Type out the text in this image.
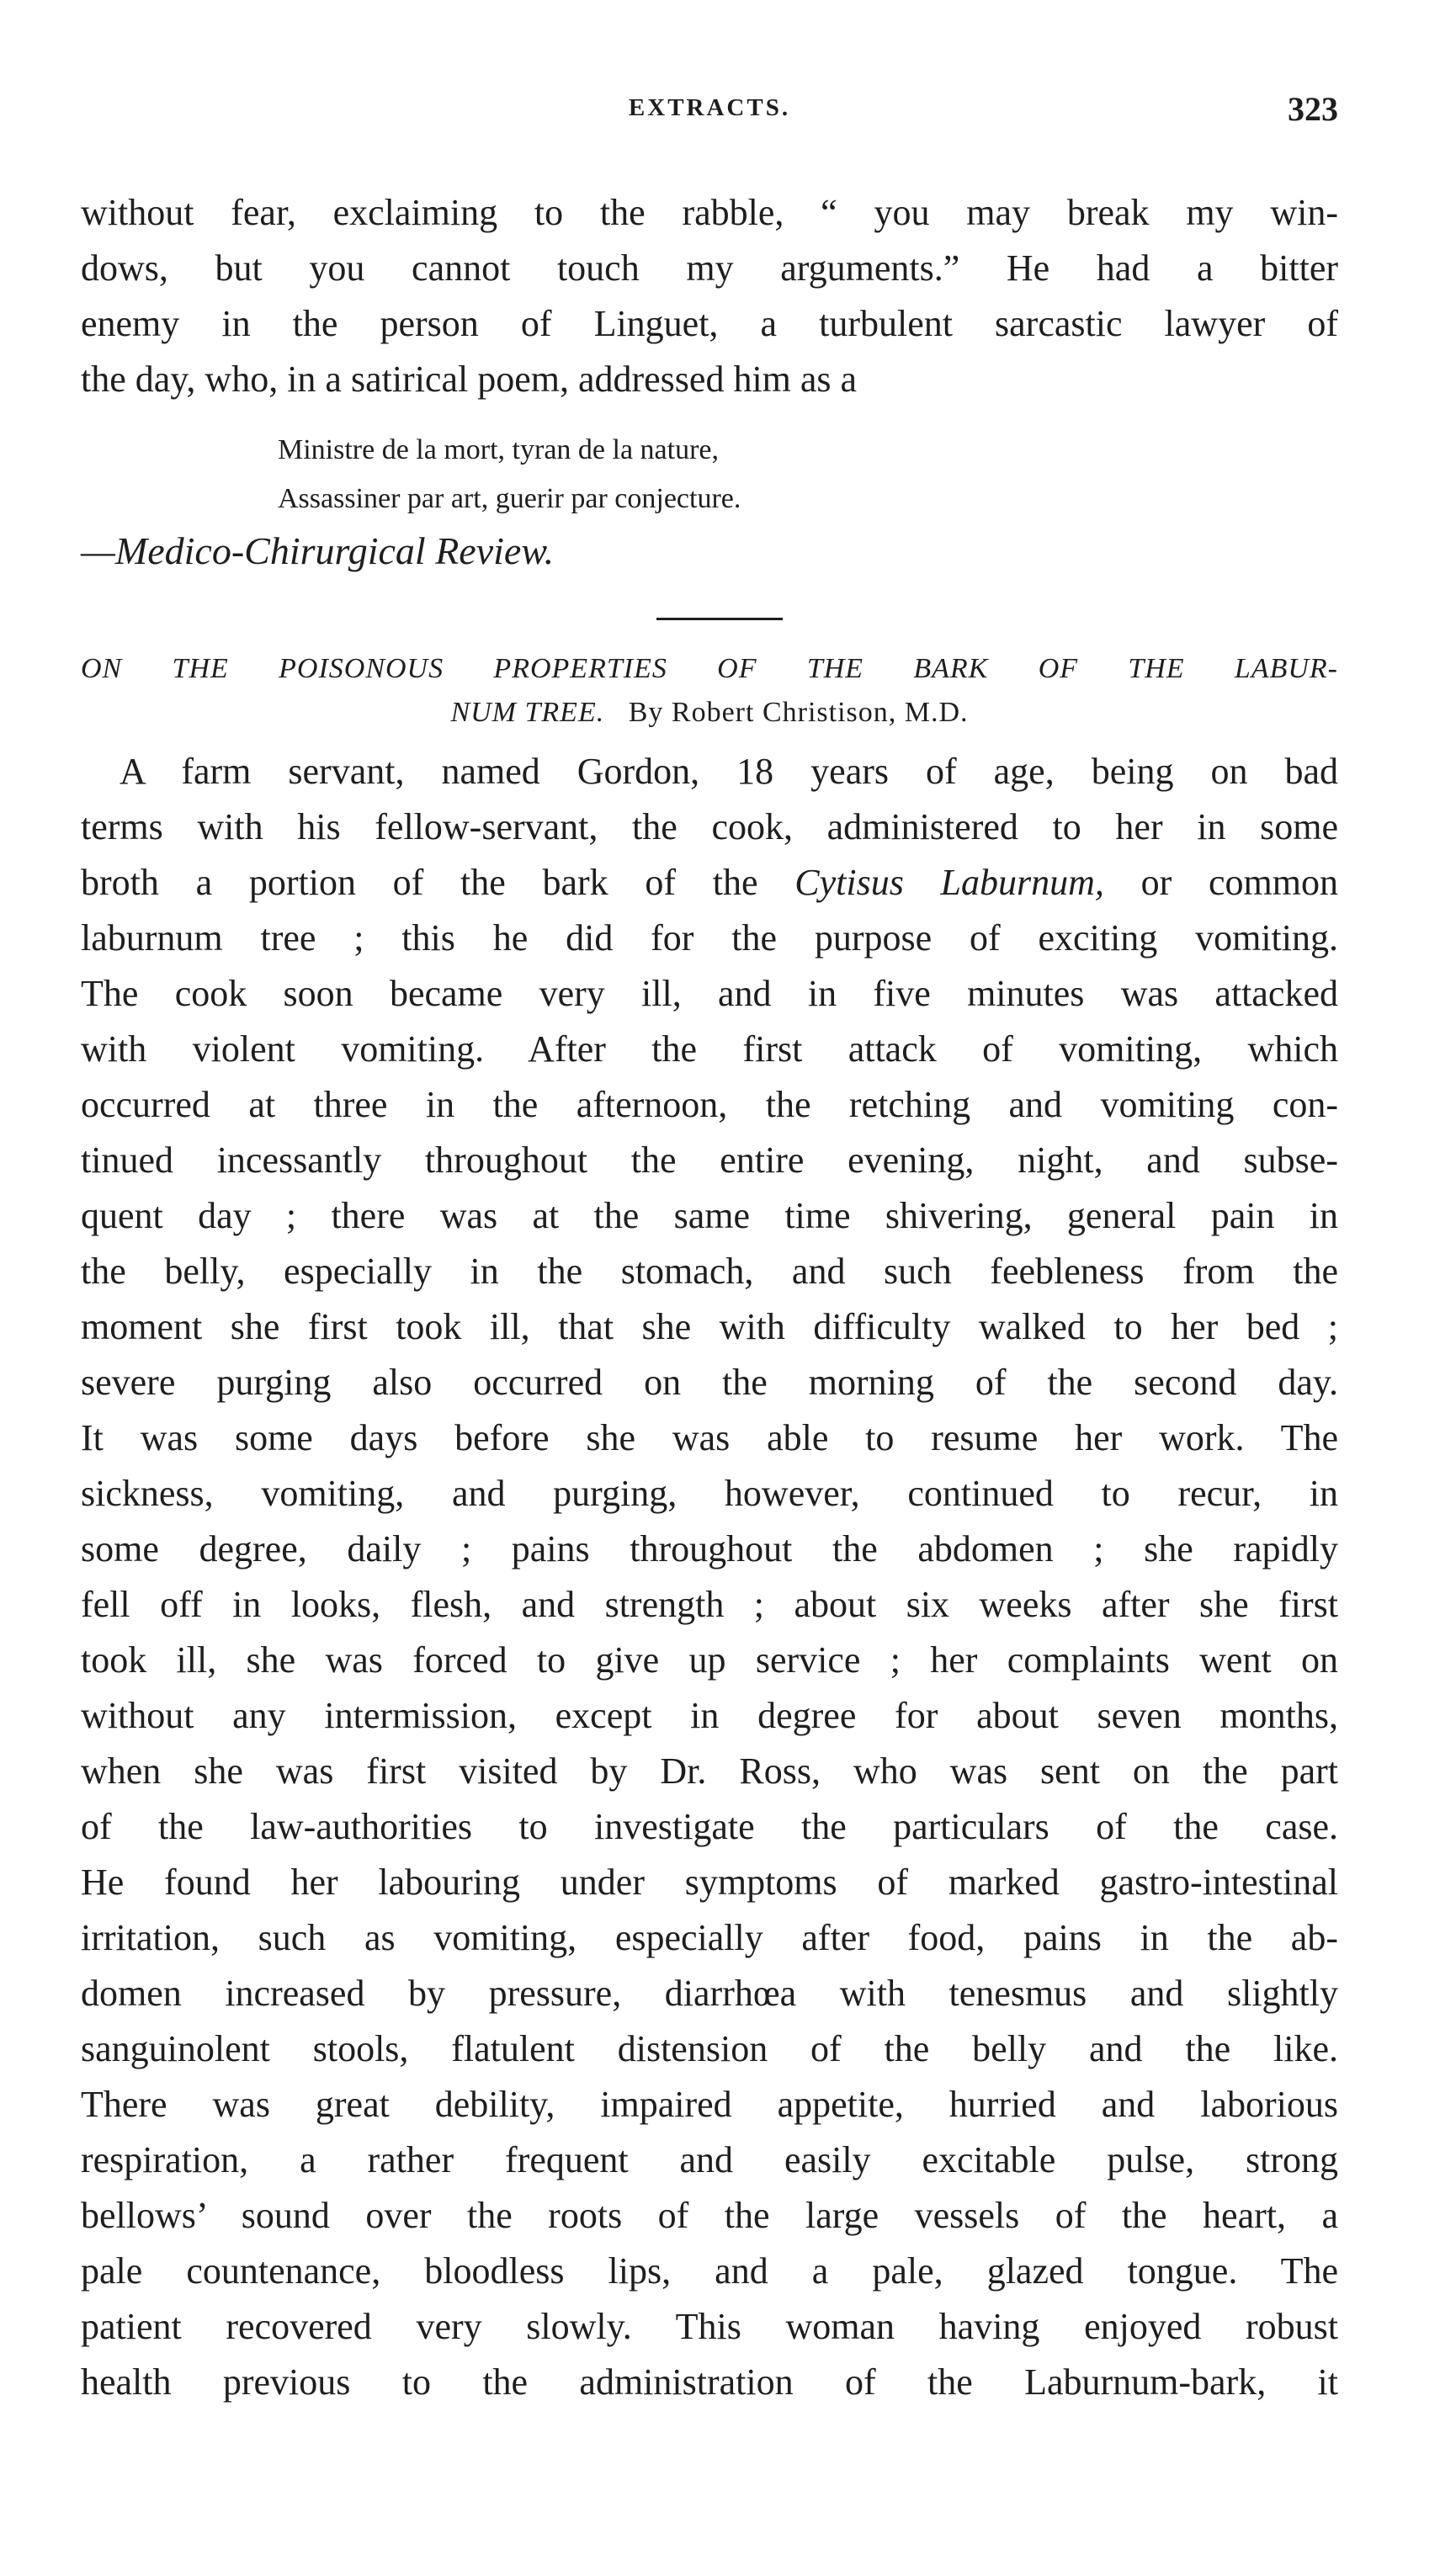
EXTRACTS.	323
without fear, exclaiming to the rabble, “ you may break my win-
dows, but you cannot touch my arguments.” He had a bitter
enemy in the person of Linguet, a turbulent sarcastic lawyer of
the day, who, in a satirical poem, addressed him as a
Ministre de la mort, tyran de la nature,
Assassiner par art, guerir par conjecture.
—Medico-Chirurgical Review.
ON THE POISONOUS PROPERTIES OF THE BARK OF THE LABUR-
NUM TREE. By Robert Christison, M.D.
A farm servant, named Gordon, 18 years of age, being on bad
terms with his fellow-servant, the cook, administered to her in some
broth a portion of the bark of the Cytisus Laburnum, or common
laburnum tree ; this he did for the purpose of exciting vomiting.
The cook soon became very ill, and in five minutes was attacked
with violent vomiting. After the first attack of vomiting, which
occurred at three in the afternoon, the retching and vomiting con-
tinued incessantly throughout the entire evening, night, and subse-
quent day ; there was at the same time shivering, general pain in
the belly, especially in the stomach, and such feebleness from the
moment she first took ill, that she with difficulty walked to her bed ;
severe purging also occurred on the morning of the second day.
It was some days before she was able to resume her work. The
sickness, vomiting, and purging, however, continued to recur, in
some degree, daily ; pains throughout the abdomen ; she rapidly
fell off in looks, flesh, and strength ; about six weeks after she first
took ill, she was forced to give up service ; her complaints went on
without any intermission, except in degree for about seven months,
when she was first visited by Dr. Ross, who was sent on the part
of the law-authorities to investigate the particulars of the case.
He found her labouring under symptoms of marked gastro-intestinal
irritation, such as vomiting, especially after food, pains in the ab-
domen increased by pressure, diarrhœa with tenesmus and slightly
sanguinolent stools, flatulent distension of the belly and the like.
There was great debility, impaired appetite, hurried and laborious
respiration, a rather frequent and easily excitable pulse, strong
bellows’ sound over the roots of the large vessels of the heart, a
pale countenance, bloodless lips, and a pale, glazed tongue. The
patient recovered very slowly. This woman having enjoyed robust
health previous to the administration of the Laburnum-bark, it
